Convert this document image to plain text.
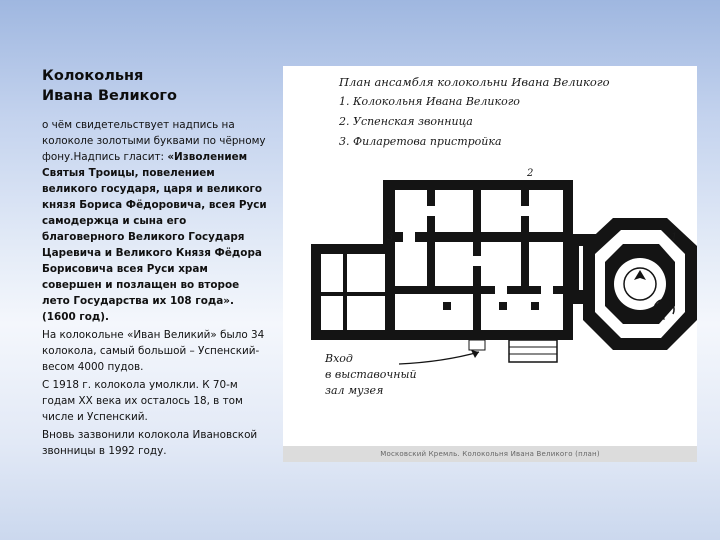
Колокольня
Ивана Великого

о чём свидетельствует надпись на колоколе золотыми буквами по чёрному фону.Надпись гласит: «Изволением Святыя Троицы, повелением великого государя, царя и великого князя Бориса Фёдоровича, всея Руси самодержца и сына его благоверного Великого Государя Царевича и Великого Князя Фёдора Борисовича всея Руси храм совершен и позлащен во второе лето Государства их 108 года». (1600 год).

На колокольне «Иван Великий» было 34 колокола, самый большой – Успенский- весом 4000 пудов.

С 1918 г. колокола умолкли. К 70-м годам XX века их осталось 18, в том числе и Успенский.

Вновь зазвонили колокола Ивановской звонницы в 1992 году.

План ансамбля колокольни Ивана Великого
1. Колокольня Ивана Великого
2. Успенская звонница
3. Филаретова пристройка
2
1
3
Вход
в выставочный
зал музея
Московский Кремль. Колокольня Ивана Великого (план)
